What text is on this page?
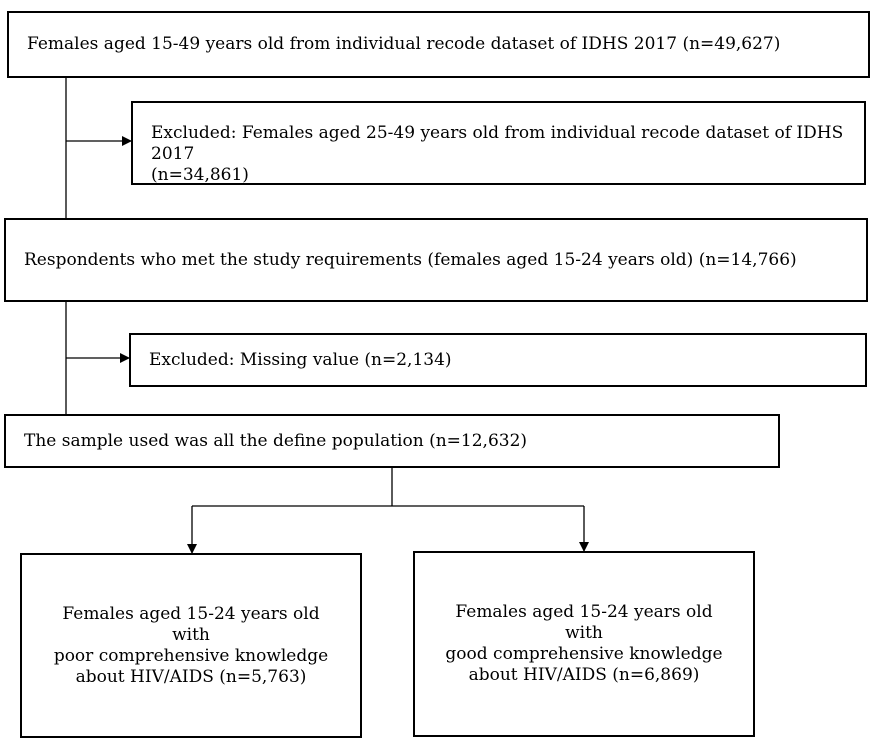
Females aged 15-49 years old from individual recode dataset of IDHS 2017 (n=49,627)
Excluded: Females aged 25-49 years old from individual recode dataset of IDHS 2017
(n=34,861)
Respondents who met the study requirements (females aged 15-24 years old) (n=14,766)
Excluded: Missing value (n=2,134)
The sample used was all the define population (n=12,632)
Females aged 15-24 years old with
poor comprehensive knowledge
about HIV/AIDS (n=5,763)
Females aged 15-24 years old with
good comprehensive knowledge
about HIV/AIDS (n=6,869)
